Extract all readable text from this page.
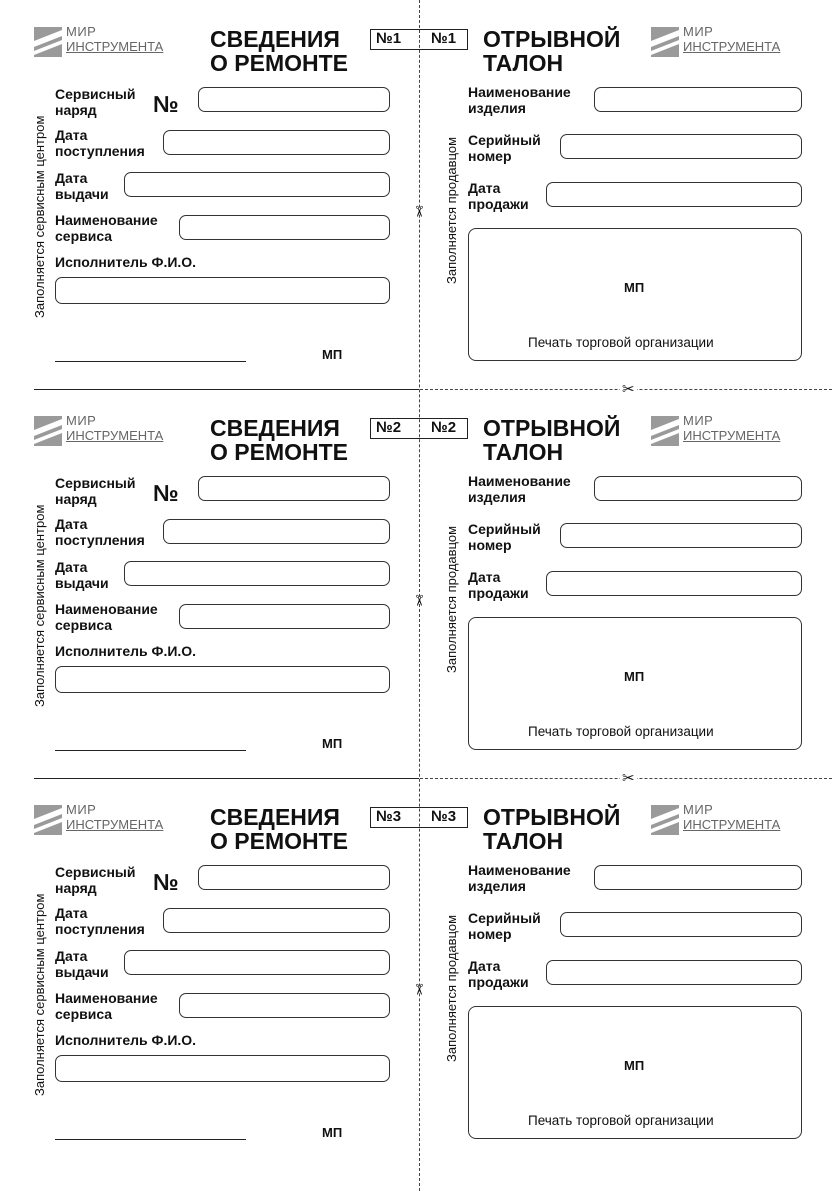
МИР
ИНСТРУМЕНТА СВЕДЕНИЯ
О РЕМОНТЕ
№1
Заполняется сервисным центром
Сервисный
наряд	№
Дата
поступления
Дата
выдачи
Наименование
сервиса
Исполнитель Ф.И.О.
МП
✂
№1 ОТРЫВНОЙ
ТАЛОН
МИР
ИНСТРУМЕНТА
Заполняется продавцом
Наименование
изделия
Серийный
номер
Дата
продажи
МП
Печать торговой организации
МИР
ИНСТРУМЕНТА СВЕДЕНИЯ
О РЕМОНТЕ
№2
Заполняется сервисным центром
Сервисный
наряд	№
Дата
поступления
Дата
выдачи
Наименование
сервиса
Исполнитель Ф.И.О.
МП
✂
№2 ОТРЫВНОЙ
ТАЛОН
МИР
ИНСТРУМЕНТА
Заполняется продавцом
Наименование
изделия
Серийный
номер
Дата
продажи
МП
Печать торговой организации
МИР
ИНСТРУМЕНТА СВЕДЕНИЯ
О РЕМОНТЕ
№3
Заполняется сервисным центром
Сервисный
наряд	№
Дата
поступления
Дата
выдачи
Наименование
сервиса
Исполнитель Ф.И.О.
МП
✂
№3 ОТРЫВНОЙ
ТАЛОН
МИР
ИНСТРУМЕНТА
Заполняется продавцом
Наименование
изделия
Серийный
номер
Дата
продажи
МП
Печать торговой организации
✂
✂
